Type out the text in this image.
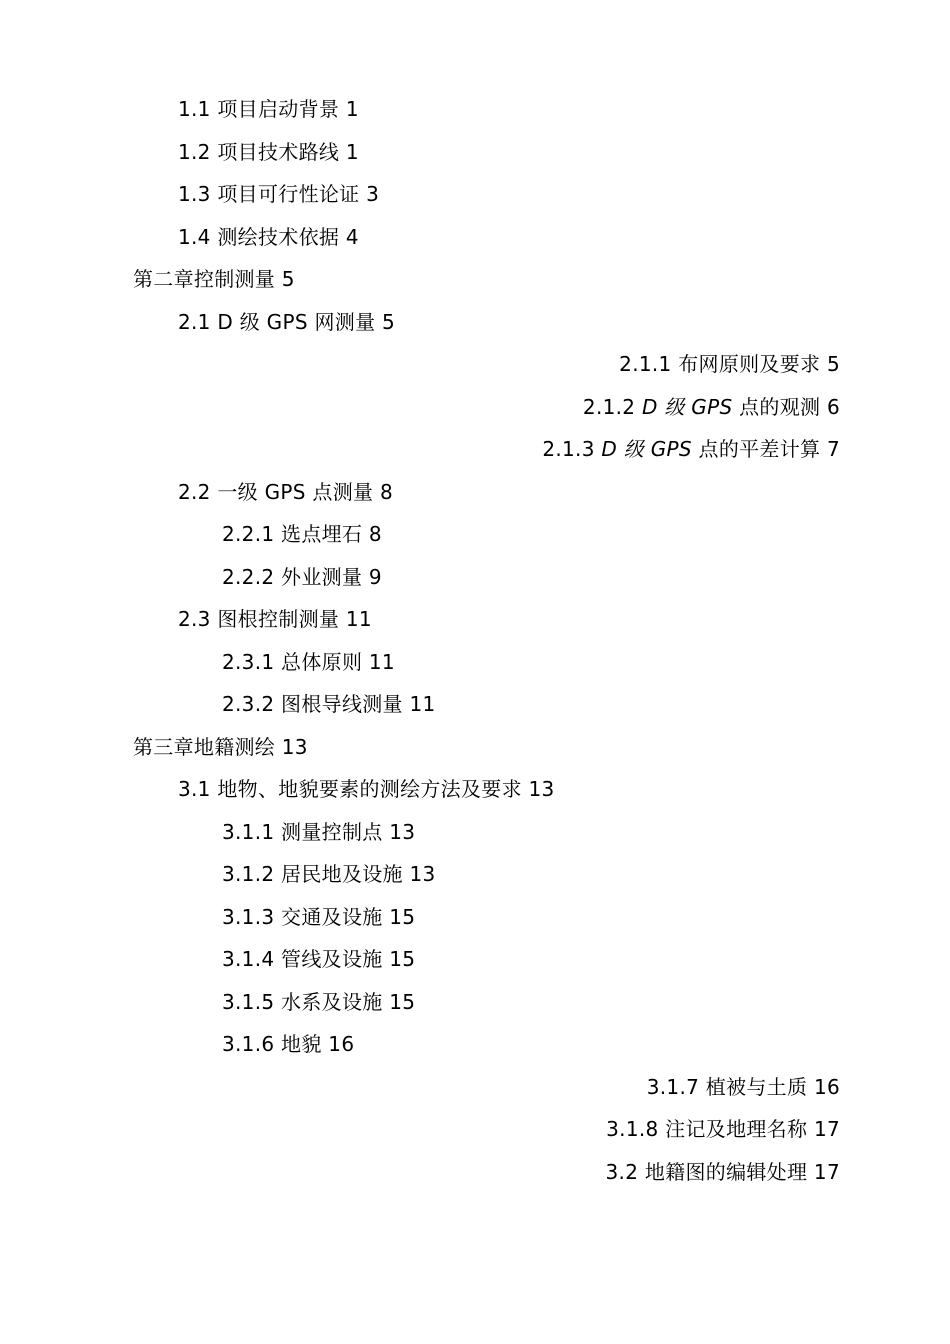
1.1 项目启动背景 1
1.2 项目技术路线 1
1.3 项目可行性论证 3
1.4 测绘技术依据 4
第二章控制测量 5
2.1 D 级 GPS 网测量 5
2.1.1 布网原则及要求 5
2.1.2 D 级 GPS 点的观测 6
2.1.3 D 级 GPS 点的平差计算 7
2.2 一级 GPS 点测量 8
2.2.1 选点埋石 8
2.2.2 外业测量 9
2.3 图根控制测量 11
2.3.1 总体原则 11
2.3.2 图根导线测量 11
第三章地籍测绘 13
3.1 地物、地貌要素的测绘方法及要求 13
3.1.1 测量控制点 13
3.1.2 居民地及设施 13
3.1.3 交通及设施 15
3.1.4 管线及设施 15
3.1.5 水系及设施 15
3.1.6 地貌 16
3.1.7 植被与土质 16
3.1.8 注记及地理名称 17
3.2 地籍图的编辑处理 17
